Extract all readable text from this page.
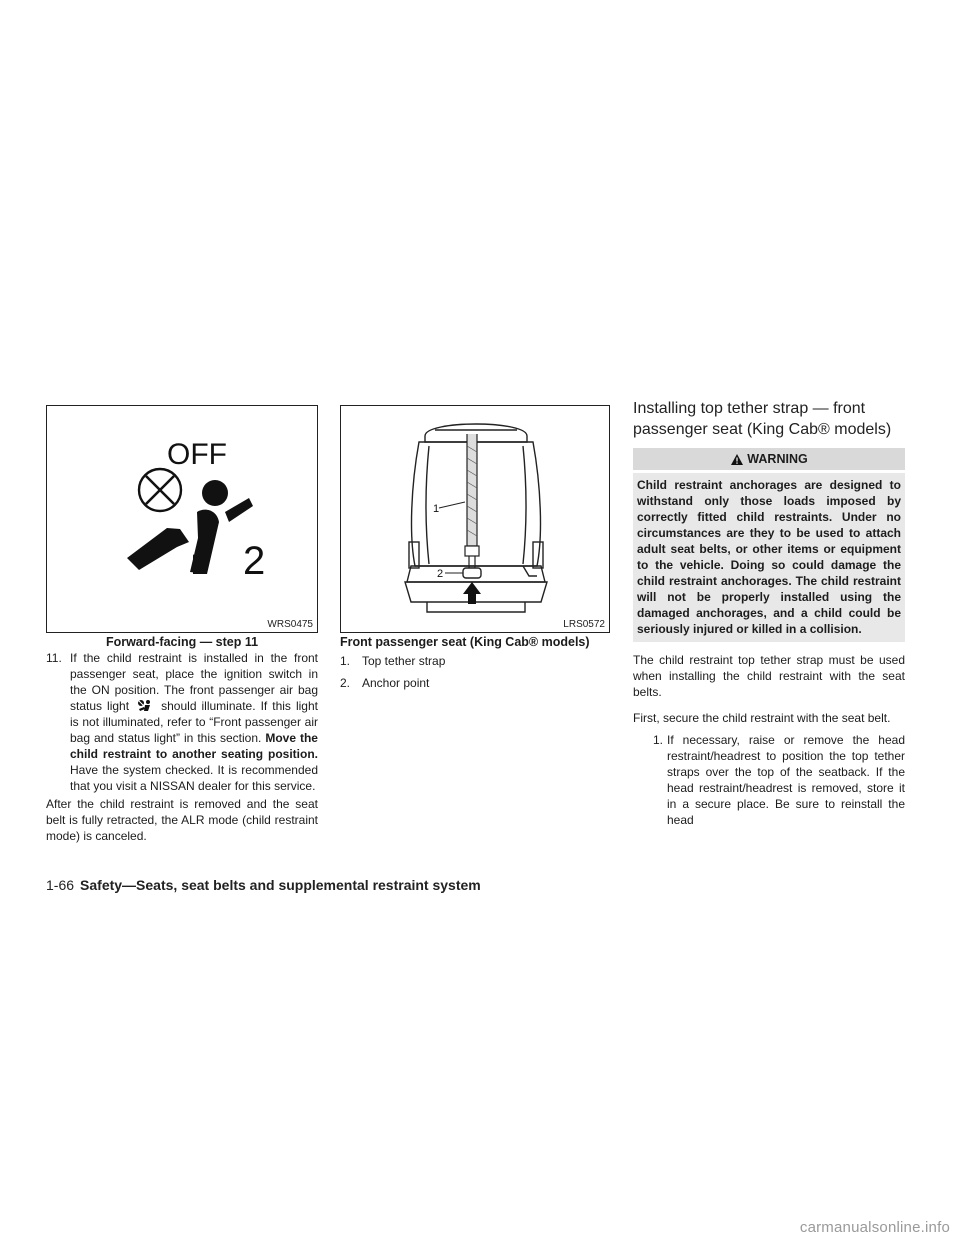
OFF
2
WRS0475
Forward-facing — step 11
11. If the child restraint is installed in the front passenger seat, place the ignition switch in the ON position. The front passenger air bag status light	should illuminate. If this light is not illuminated, refer to “Front passenger air bag and status light” in this section. Move the child restraint to another seating position. Have the system checked. It is recommended that you visit a NISSAN dealer for this service.

After the child restraint is removed and the seat belt is fully retracted, the ALR mode (child restraint mode) is canceled.

1
2
LRS0572
Front passenger seat (King Cab® models)
1. Top tether strap
2. Anchor point
Installing top tether strap — front passenger seat (King Cab® models)
WARNING
Child restraint anchorages are designed to withstand only those loads imposed by correctly fitted child restraints. Under no circumstances are they to be used to attach adult seat belts, or other items or equipment to the vehicle. Doing so could damage the child restraint anchorages. The child restraint will not be properly installed using the damaged anchorages, and a child could be seriously injured or killed in a collision.

The child restraint top tether strap must be used when installing the child restraint with the seat belts.

First, secure the child restraint with the seat belt.

1. If necessary, raise or remove the head restraint/headrest to position the top tether straps over the top of the seatback. If the head restraint/headrest is removed, store it in a secure place. Be sure to reinstall the head
1-66 Safety—Seats, seat belts and supplemental restraint system
carmanualsonline.info
